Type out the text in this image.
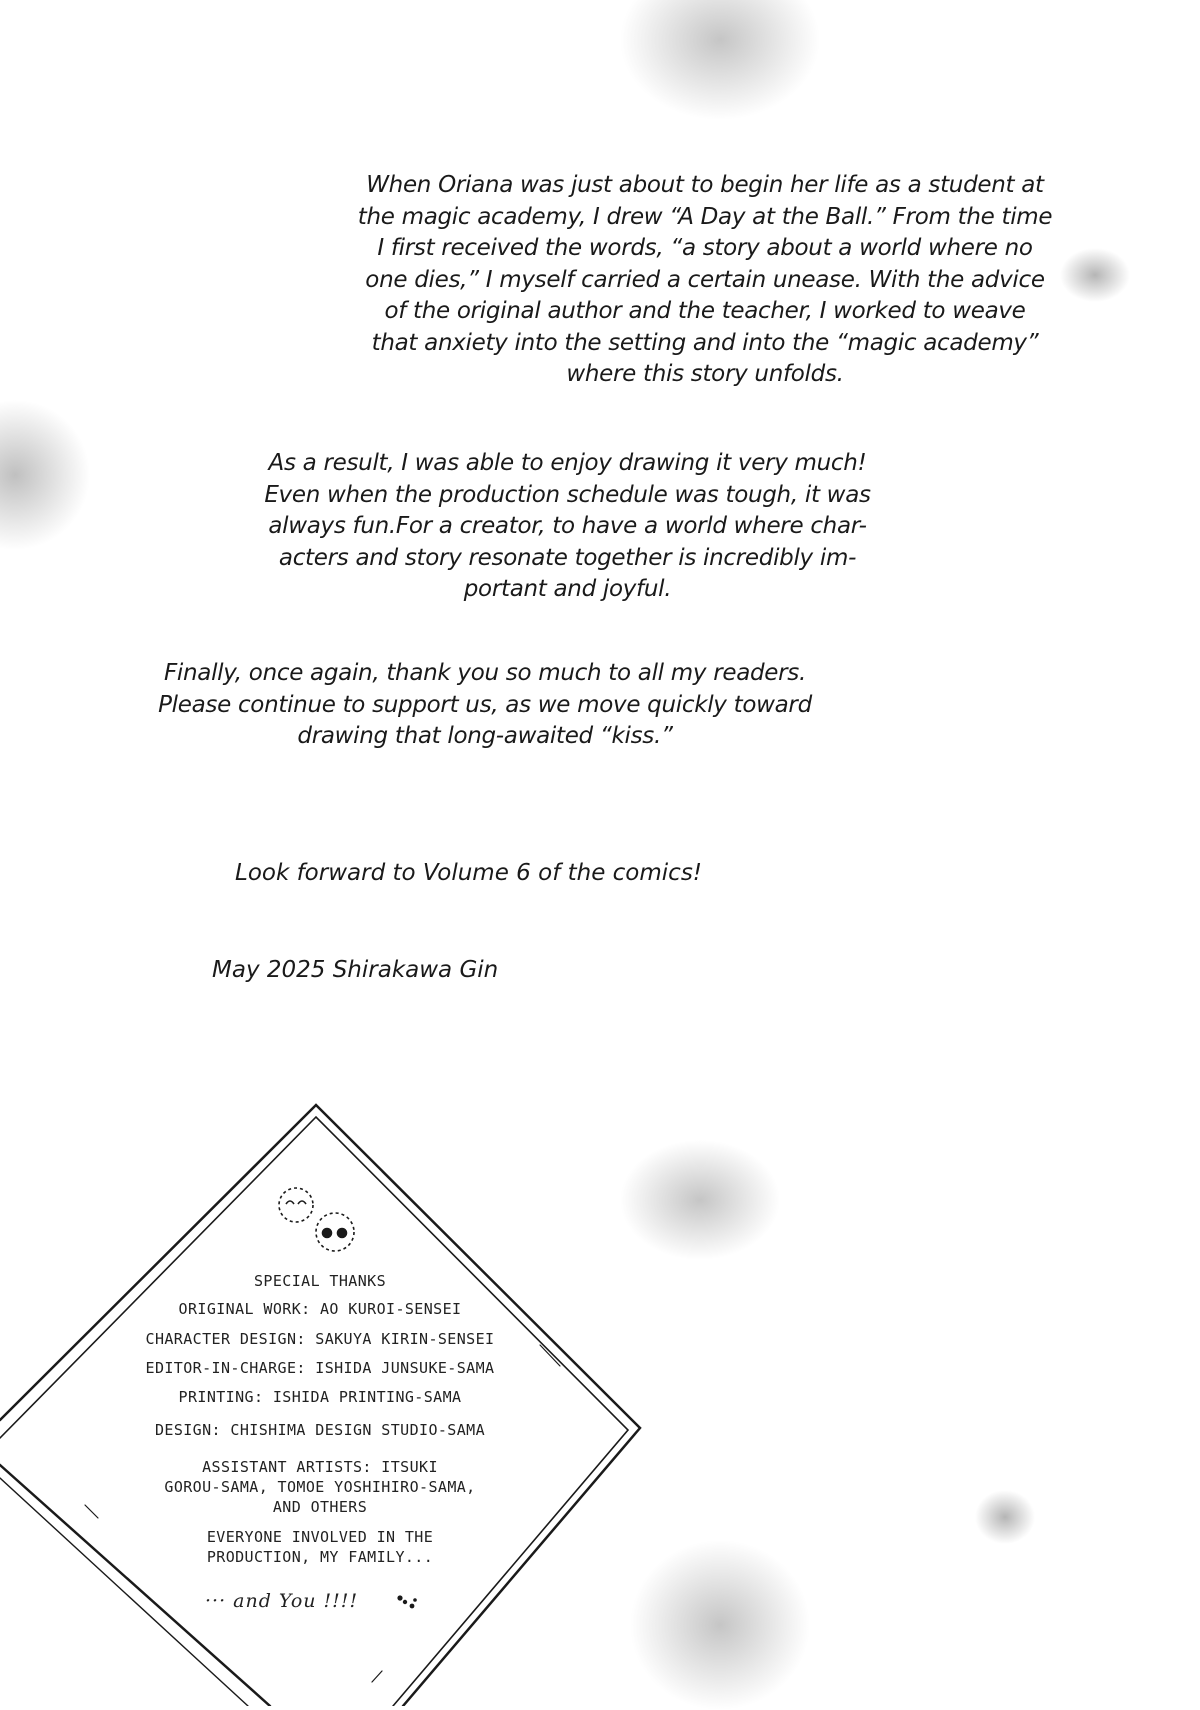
When Oriana was just about to begin her life as a student at
the magic academy, I drew “A Day at the Ball.” From the time
I first received the words, “a story about a world where no
one dies,” I myself carried a certain unease. With the advice
of the original author and the teacher, I worked to weave
that anxiety into the setting and into the “magic academy”
where this story unfolds.
As a result, I was able to enjoy drawing it very much!
Even when the production schedule was tough, it was
always fun.For a creator, to have a world where char-
acters and story resonate together is incredibly im-
portant and joyful.
Finally, once again, thank you so much to all my readers.
Please continue to support us, as we move quickly toward
drawing that long-awaited “kiss.”
Look forward to Volume 6 of the comics!
May 2025 Shirakawa Gin
SPECIAL THANKS
ORIGINAL WORK: AO KUROI-SENSEI
CHARACTER DESIGN: SAKUYA KIRIN-SENSEI
EDITOR-IN-CHARGE: ISHIDA JUNSUKE-SAMA
PRINTING: ISHIDA PRINTING-SAMA
DESIGN: CHISHIMA DESIGN STUDIO-SAMA
ASSISTANT ARTISTS: ITSUKI
GOROU-SAMA, TOMOE YOSHIHIRO-SAMA,
AND OTHERS
EVERYONE INVOLVED IN THE
PRODUCTION, MY FAMILY...
··· and You !!!!
